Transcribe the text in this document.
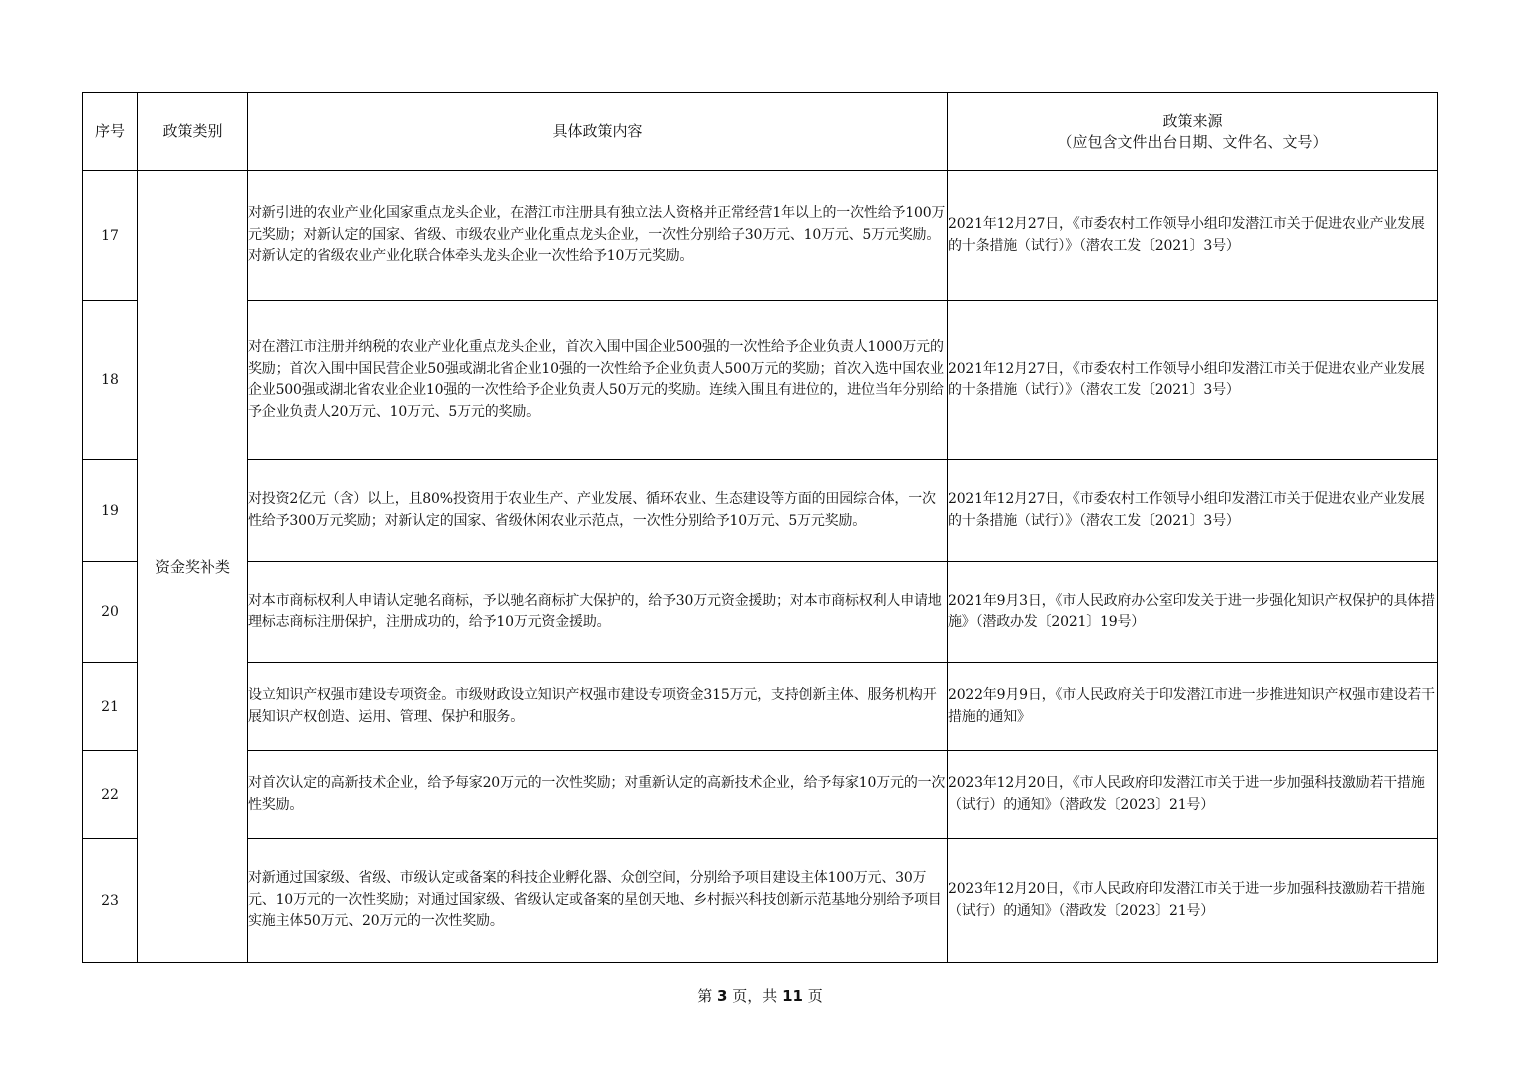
序号	政策类别	具体政策内容	政策来源
（应包含文件出台日期、文件名、文号）

17	资金奖补类	对新引进的农业产业化国家重点龙头企业，在潜江市注册具有独立法人资格并正常经营1年以上的一次性给予100万元奖励；对新认定的国家、省级、市级农业产业化重点龙头企业，一次性分别给子30万元、10万元、5万元奖励。对新认定的省级农业产业化联合体牵头龙头企业一次性给予10万元奖励。	2021年12月27日，《市委农村工作领导小组印发潜江市关于促进农业产业发展的十条措施（试行）》（潜农工发〔2021〕3号）
18		对在潜江市注册并纳税的农业产业化重点龙头企业，首次入围中国企业500强的一次性给予企业负责人1000万元的奖励；首次入围中国民营企业50强或湖北省企业10强的一次性给予企业负责人500万元的奖励；首次入选中国农业企业500强或湖北省农业企业10强的一次性给予企业负责人50万元的奖励。连续入围且有进位的，进位当年分别给予企业负责人20万元、10万元、5万元的奖励。	2021年12月27日，《市委农村工作领导小组印发潜江市关于促进农业产业发展的十条措施（试行）》（潜农工发〔2021〕3号）
19		对投资2亿元（含）以上，且80%投资用于农业生产、产业发展、循环农业、生态建设等方面的田园综合体，一次性给予300万元奖励；对新认定的国家、省级休闲农业示范点，一次性分别给予10万元、5万元奖励。	2021年12月27日，《市委农村工作领导小组印发潜江市关于促进农业产业发展的十条措施（试行）》（潜农工发〔2021〕3号）
20		对本市商标权利人申请认定驰名商标，予以驰名商标扩大保护的，给予30万元资金援助；对本市商标权利人申请地理标志商标注册保护，注册成功的，给予10万元资金援助。	2021年9月3日，《市人民政府办公室印发关于进一步强化知识产权保护的具体措施》（潜政办发〔2021〕19号）
21		设立知识产权强市建设专项资金。市级财政设立知识产权强市建设专项资金315万元，支持创新主体、服务机构开展知识产权创造、运用、管理、保护和服务。	2022年9月9日，《市人民政府关于印发潜江市进一步推进知识产权强市建设若干措施的通知》
22		对首次认定的高新技术企业，给予每家20万元的一次性奖励；对重新认定的高新技术企业，给予每家10万元的一次性奖励。	2023年12月20日，《市人民政府印发潜江市关于进一步加强科技激励若干措施（试行）的通知》（潜政发〔2023〕21号）
23		对新通过国家级、省级、市级认定或备案的科技企业孵化器、众创空间，分别给予项目建设主体100万元、30万元、10万元的一次性奖励；对通过国家级、省级认定或备案的星创天地、乡村振兴科技创新示范基地分别给予项目实施主体50万元、20万元的一次性奖励。	2023年12月20日，《市人民政府印发潜江市关于进一步加强科技激励若干措施（试行）的通知》（潜政发〔2023〕21号）
第 3 页，共 11 页
